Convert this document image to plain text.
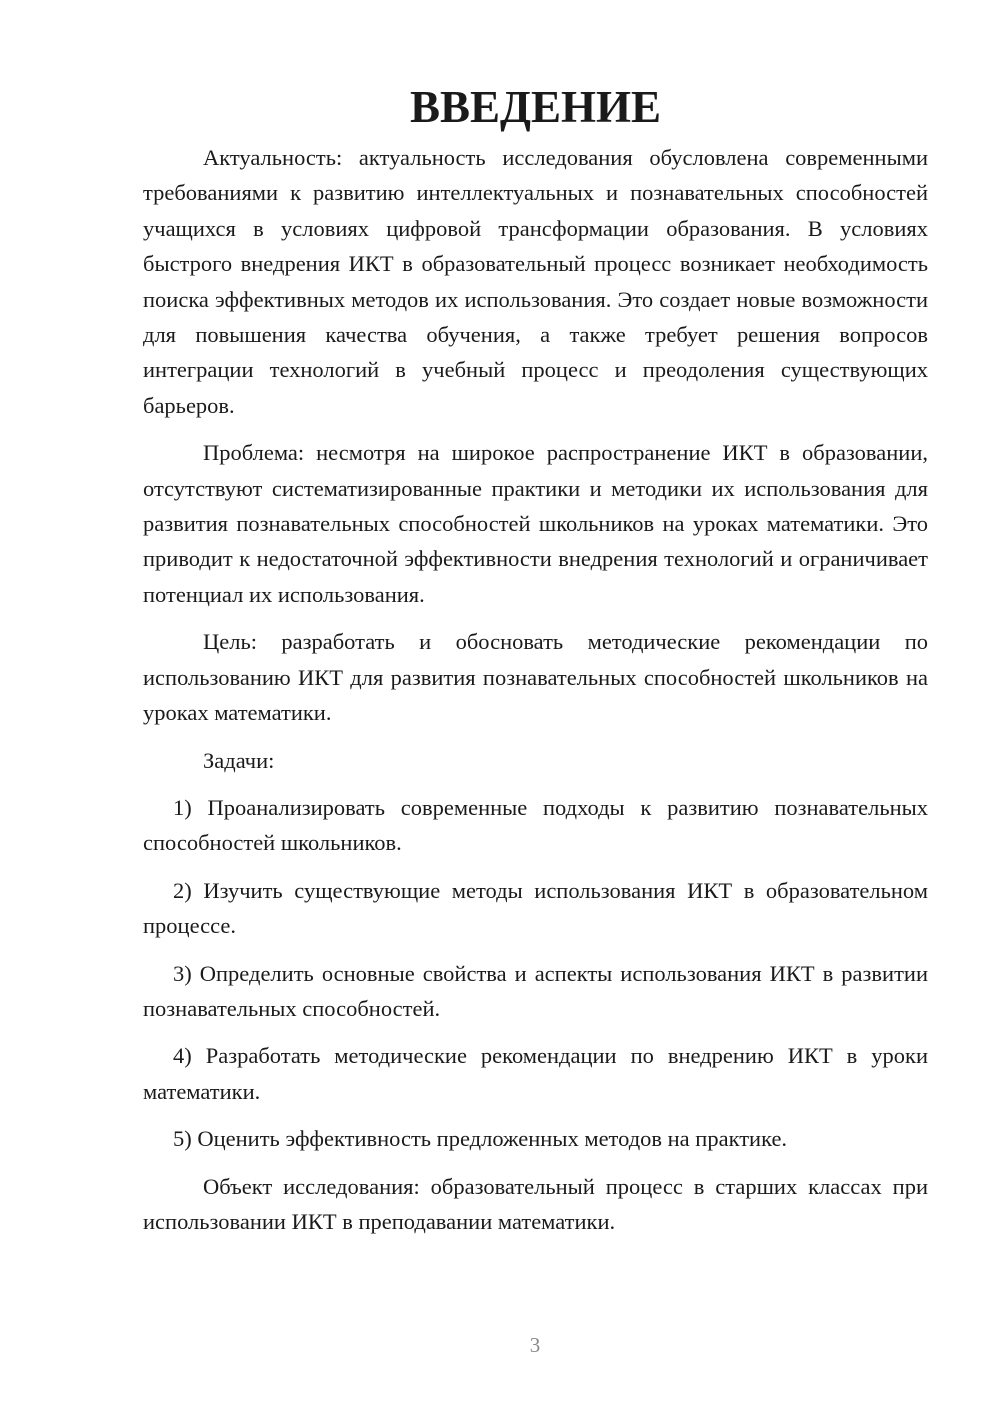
ВВЕДЕНИЕ

Актуальность: актуальность исследования обусловлена современными требованиями к развитию интеллектуальных и познавательных способностей учащихся в условиях цифровой трансформации образования. В условиях быстрого внедрения ИКТ в образовательный процесс возникает необходимость поиска эффективных методов их использования. Это создает новые возможности для повышения качества обучения, а также требует решения вопросов интеграции технологий в учебный процесс и преодоления существующих барьеров.

Проблема: несмотря на широкое распространение ИКТ в образовании, отсутствуют систематизированные практики и методики их использования для развития познавательных способностей школьников на уроках математики. Это приводит к недостаточной эффективности внедрения технологий и ограничивает потенциал их использования.

Цель: разработать и обосновать методические рекомендации по использованию ИКТ для развития познавательных способностей школьников на уроках математики.

Задачи:

1) Проанализировать современные подходы к развитию познавательных способностей школьников.

2) Изучить существующие методы использования ИКТ в образовательном процессе.

3) Определить основные свойства и аспекты использования ИКТ в развитии познавательных способностей.

4) Разработать методические рекомендации по внедрению ИКТ в уроки математики.

5) Оценить эффективность предложенных методов на практике.

Объект исследования: образовательный процесс в старших классах при использовании ИКТ в преподавании математики.

3
